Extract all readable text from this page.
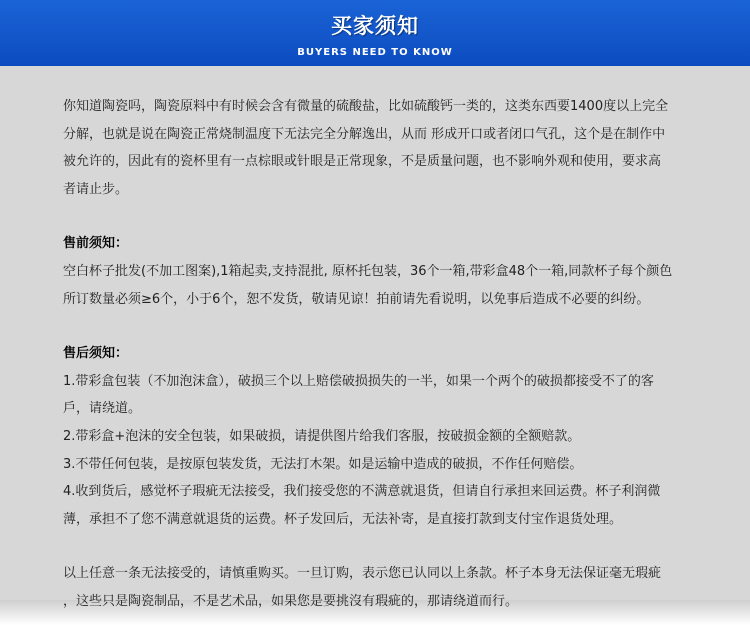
买家须知
BUYERS NEED TO KNOW

你知道陶瓷吗，陶瓷原料中有时候会含有微量的硫酸盐，比如硫酸钙一类的，这类东西要1400度以上完全

分解，也就是说在陶瓷正常烧制温度下无法完全分解逸出，从而 形成开口或者闭口气孔，这个是在制作中

被允许的，因此有的瓷杯里有一点棕眼或针眼是正常现象，不是质量问题，也不影响外观和使用，要求高

者请止步。

售前须知：

空白杯子批发(不加工图案),1箱起卖,支持混批, 原杯托包装，36个一箱,带彩盒48个一箱,同款杯子每个颜色

所订数量必须≥6个，小于6个，恕不发货，敬请见谅！拍前请先看说明，以免事后造成不必要的纠纷。

售后须知：

1.带彩盒包装（不加泡沫盒），破损三个以上赔偿破损损失的一半，如果一个两个的破损都接受不了的客

戶，请绕道。

2.带彩盒+泡沫的安全包装，如果破损，请提供图片给我们客服，按破损金额的全额赔款。

3.不带任何包装，是按原包装发货，无法打木架。如是运输中造成的破损，不作任何赔偿。

4.收到货后，感觉杯子瑕疵无法接受，我们接受您的不满意就退货，但请自行承担来回运费。杯子利润微

薄，承担不了您不满意就退货的运费。杯子发回后，无法补寄，是直接打款到支付宝作退货处理。

以上任意一条无法接受的，请慎重购买。一旦订购，表示您已认同以上条款。杯子本身无法保证毫无瑕疵

，这些只是陶瓷制品，不是艺术品，如果您是要挑沒有瑕疵的，那请绕道而行。
